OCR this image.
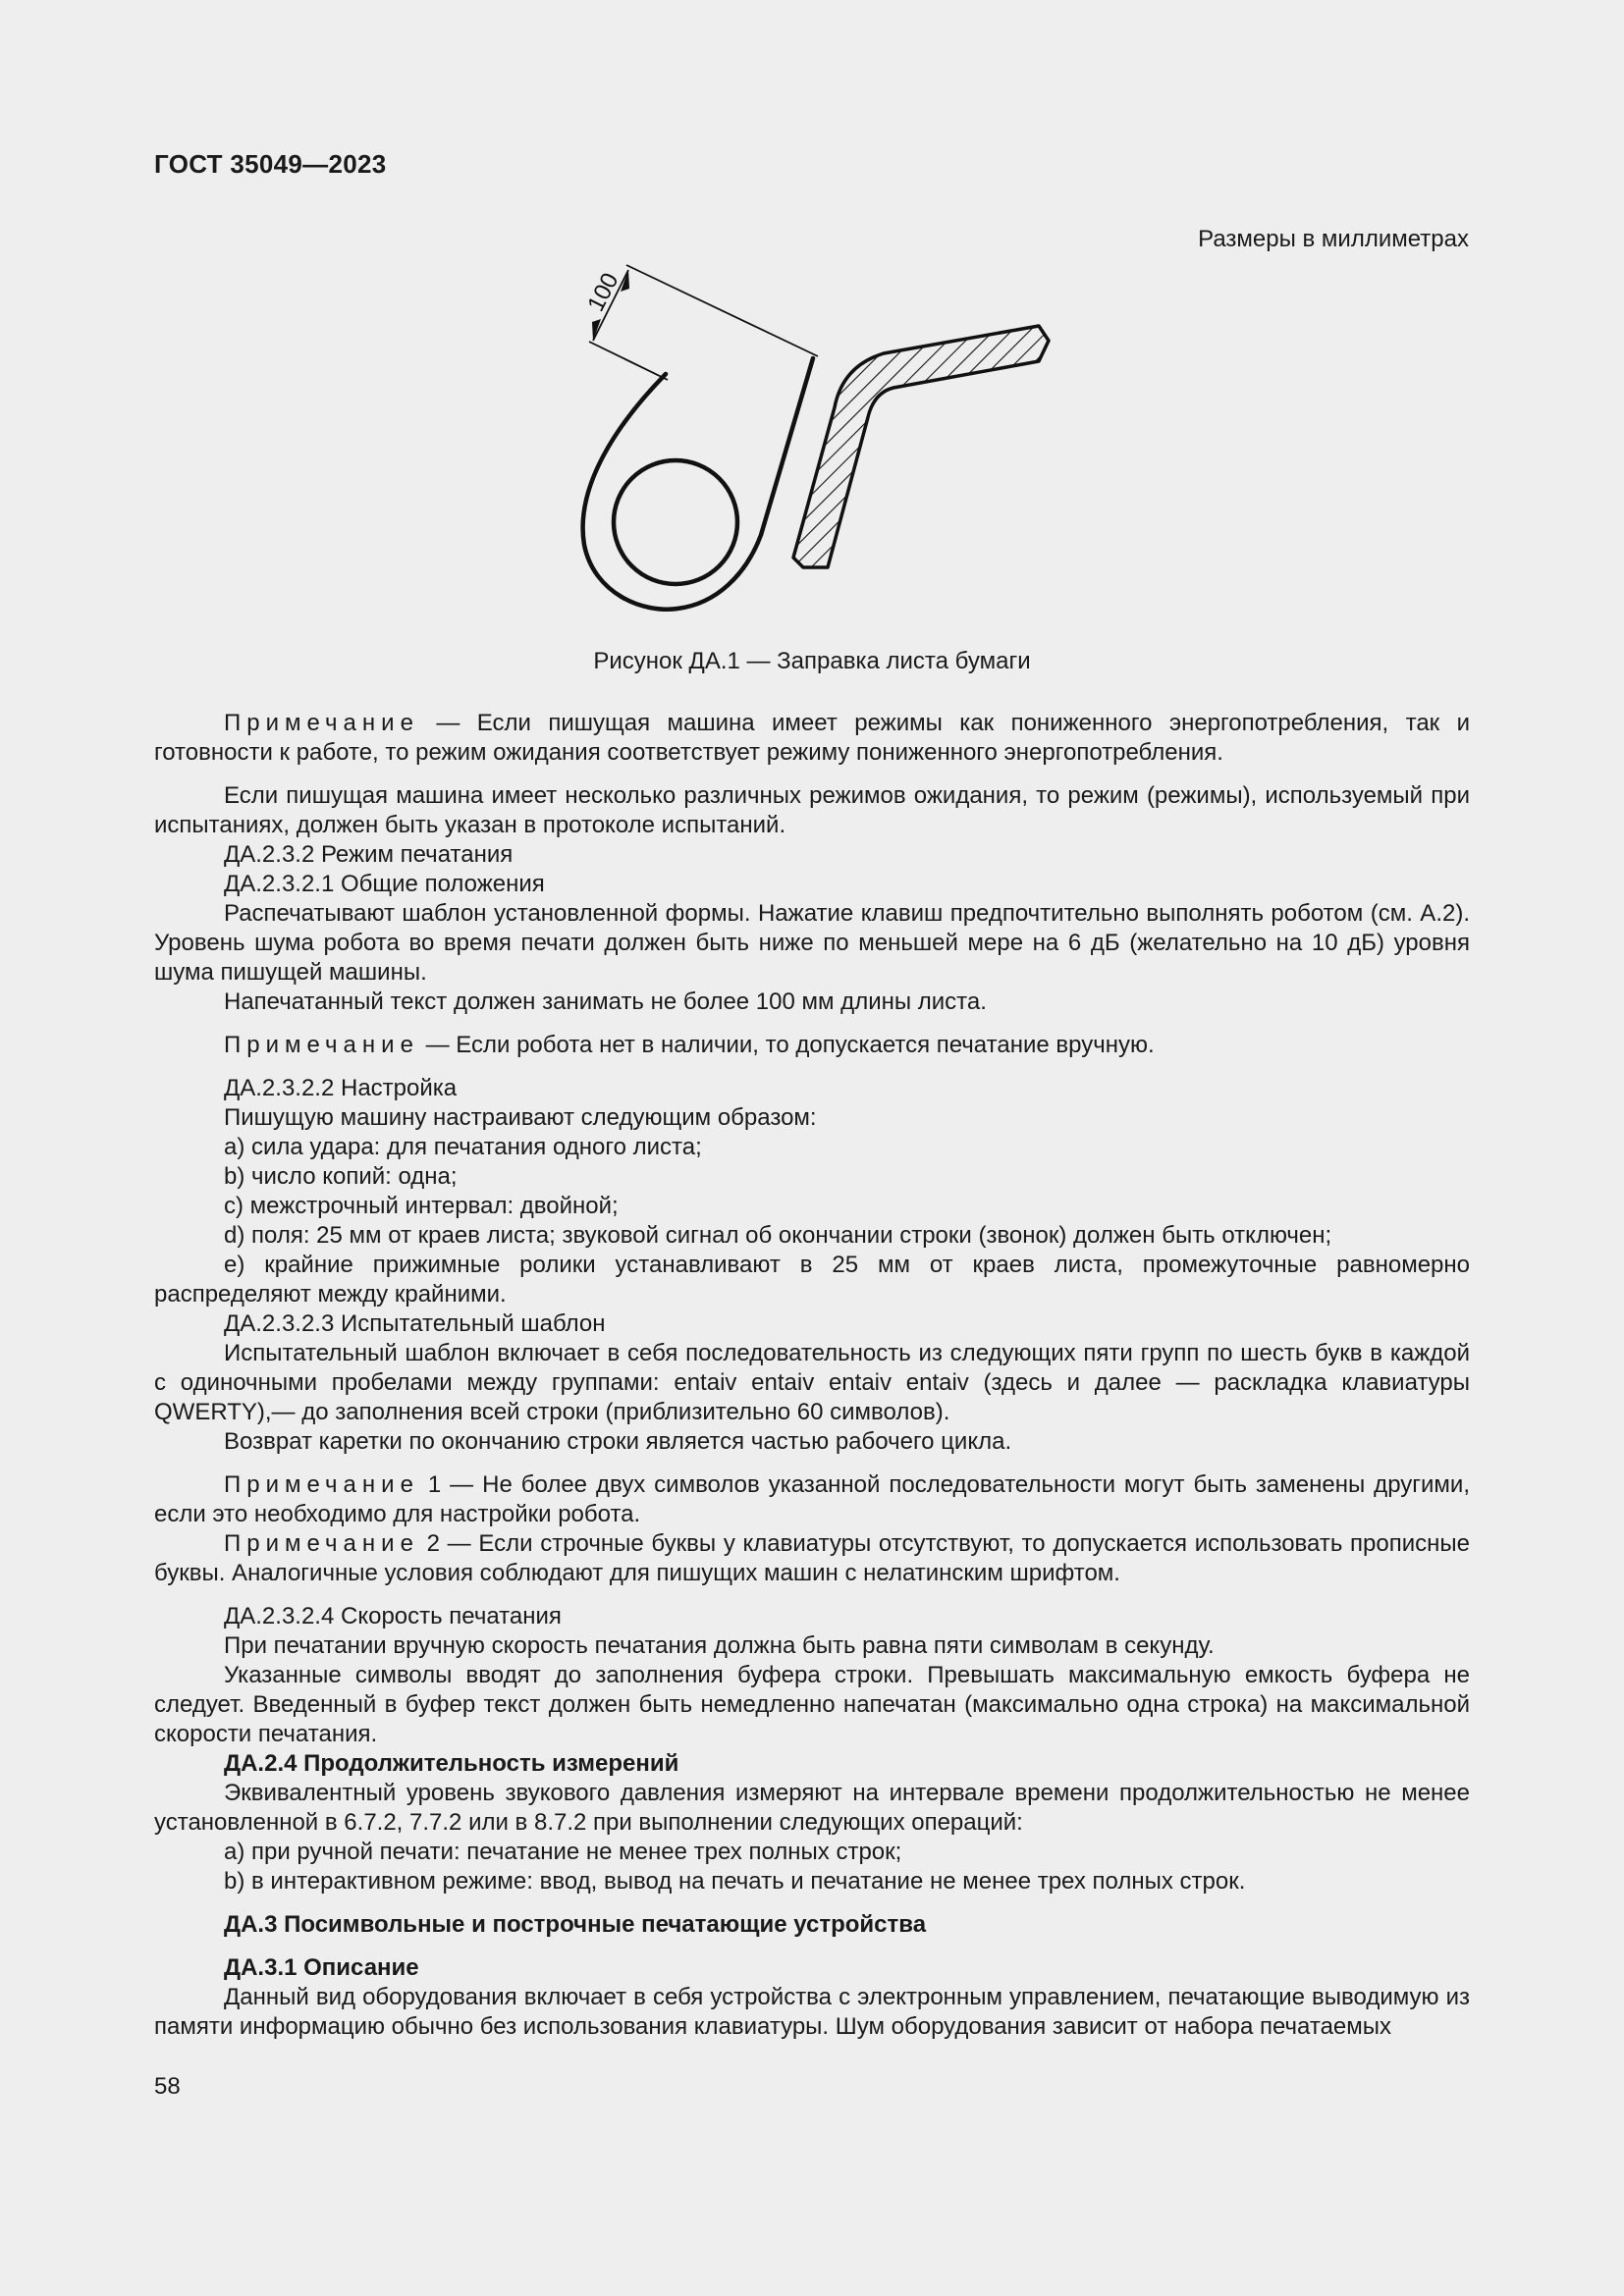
ГОСТ 35049—2023
Размеры в миллиметрах
100
Рисунок ДА.1 — Заправка листа бумаги

Примечание — Если пишущая машина имеет режимы как пониженного энергопотребления, так и готовности к работе, то режим ожидания соответствует режиму пониженного энергопотребления.

Если пишущая машина имеет несколько различных режимов ожидания, то режим (режимы), используемый при испытаниях, должен быть указан в протоколе испытаний.

ДА.2.3.2 Режим печатания

ДА.2.3.2.1 Общие положения

Распечатывают шаблон установленной формы. Нажатие клавиш предпочтительно выполнять роботом (см. А.2). Уровень шума робота во время печати должен быть ниже по меньшей мере на 6 дБ (желательно на 10 дБ) уровня шума пишущей машины.

Напечатанный текст должен занимать не более 100 мм длины листа.

Примечание — Если робота нет в наличии, то допускается печатание вручную.

ДА.2.3.2.2 Настройка

Пишущую машину настраивают следующим образом:

a) сила удара: для печатания одного листа;

b) число копий: одна;

c) межстрочный интервал: двойной;

d) поля: 25 мм от краев листа; звуковой сигнал об окончании строки (звонок) должен быть отключен;

e) крайние прижимные ролики устанавливают в 25 мм от краев листа, промежуточные равномерно распределяют между крайними.

ДА.2.3.2.3 Испытательный шаблон

Испытательный шаблон включает в себя последовательность из следующих пяти групп по шесть букв в каждой с одиночными пробелами между группами: entaiv entaiv entaiv entaiv (здесь и далее — раскладка клавиатуры QWERTY),— до заполнения всей строки (приблизительно 60 символов).

Возврат каретки по окончанию строки является частью рабочего цикла.

Примечание 1 — Не более двух символов указанной последовательности могут быть заменены другими, если это необходимо для настройки робота.

Примечание 2 — Если строчные буквы у клавиатуры отсутствуют, то допускается использовать прописные буквы. Аналогичные условия соблюдают для пишущих машин с нелатинским шрифтом.

ДА.2.3.2.4 Скорость печатания

При печатании вручную скорость печатания должна быть равна пяти символам в секунду.

Указанные символы вводят до заполнения буфера строки. Превышать максимальную емкость буфера не следует. Введенный в буфер текст должен быть немедленно напечатан (максимально одна строка) на максимальной скорости печатания.

ДА.2.4 Продолжительность измерений

Эквивалентный уровень звукового давления измеряют на интервале времени продолжительностью не менее установленной в 6.7.2, 7.7.2 или в 8.7.2 при выполнении следующих операций:

a) при ручной печати: печатание не менее трех полных строк;

b) в интерактивном режиме: ввод, вывод на печать и печатание не менее трех полных строк.

ДА.3 Посимвольные и построчные печатающие устройства

ДА.3.1 Описание

Данный вид оборудования включает в себя устройства с электронным управлением, печатающие выводимую из памяти информацию обычно без использования клавиатуры. Шум оборудования зависит от набора печатаемых

58
